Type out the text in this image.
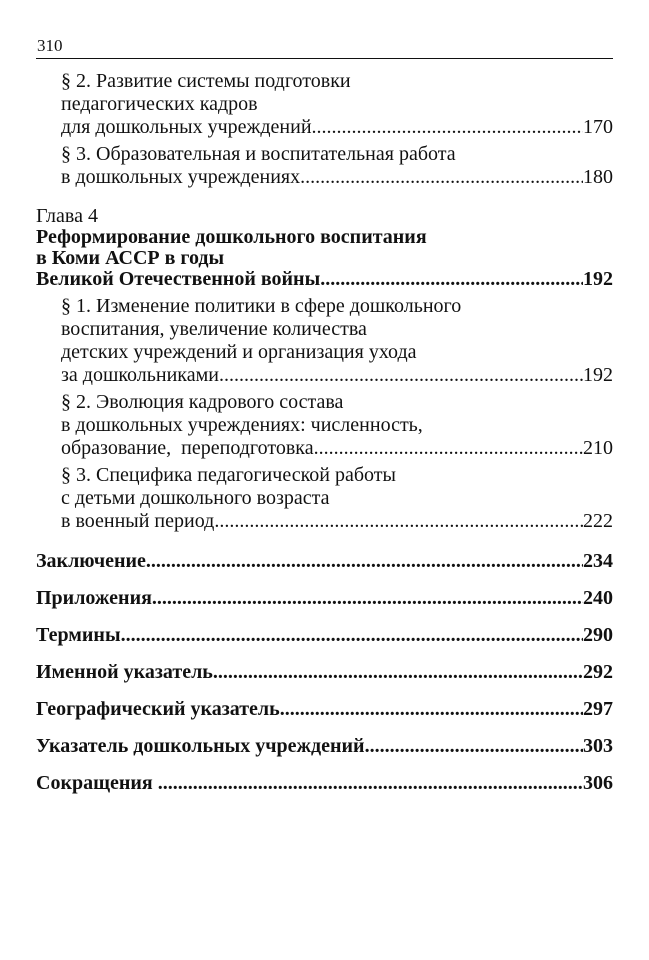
310
§ 2. Развитие системы подготовки
педагогических кадров
для дошкольных учреждений .....	170
§ 3. Образовательная и воспитательная работа
в дошкольных учреждениях .....	180
Глава 4
Реформирование дошкольного воспитания
в Коми АССР в годы
Великой Отечественной войны .....	192
§ 1. Изменение политики в сфере дошкольного
воспитания, увеличение количества
детских учреждений и организация ухода
за дошкольниками .....	192
§ 2. Эволюция кадрового состава
в дошкольных учреждениях: численность,
образование,  переподготовка .....	210
§ 3. Специфика педагогической работы
с детьми дошкольного возраста
в военный период .....	222
Заключение .....	234
Приложения .....	240
Термины .....	290
Именной указатель .....	292
Географический указатель .....	297
Указатель дошкольных учреждений .....	303
Сокращения .....	306
